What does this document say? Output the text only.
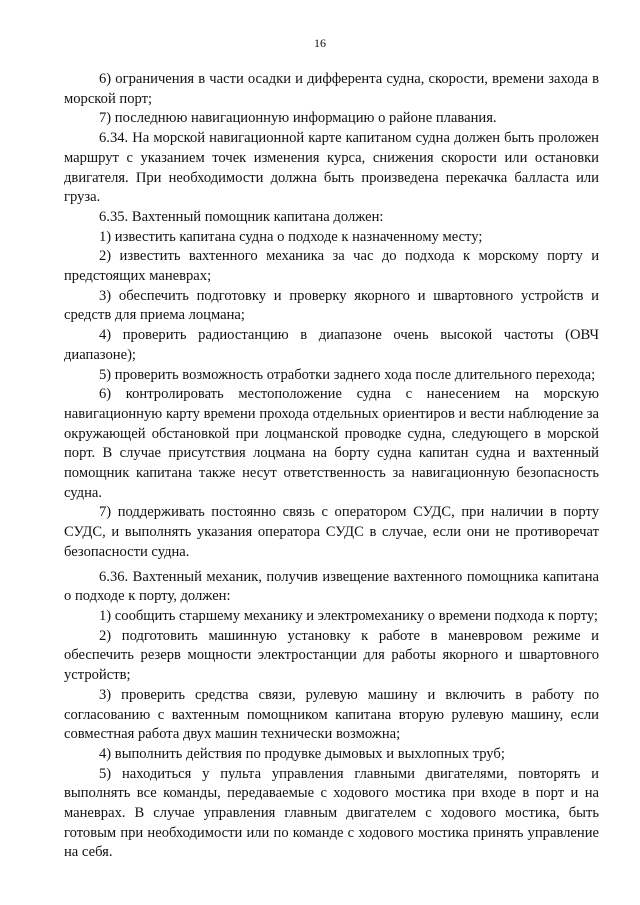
16

6) ограничения в части осадки и дифферента судна, скорости, времени захода в морской порт;

7) последнюю навигационную информацию о районе плавания.

6.34. На морской навигационной карте капитаном судна должен быть проложен маршрут с указанием точек изменения курса, снижения скорости или остановки двигателя. При необходимости должна быть произведена перекачка балласта или груза.

6.35. Вахтенный помощник капитана должен:

1) известить капитана судна о подходе к назначенному месту;

2) известить вахтенного механика за час до подхода к морскому порту и предстоящих маневрах;

3) обеспечить подготовку и проверку якорного и швартовного устройств и средств для приема лоцмана;

4) проверить радиостанцию в диапазоне очень высокой частоты (ОВЧ диапазоне);

5) проверить возможность отработки заднего хода после длительного перехода;

6) контролировать местоположение судна с нанесением на морскую навигационную карту времени прохода отдельных ориентиров и вести наблюдение за окружающей обстановкой при лоцманской проводке судна, следующего в морской порт. В случае присутствия лоцмана на борту судна капитан судна и вахтенный помощник капитана также несут ответственность за навигационную безопасность судна.

7) поддерживать постоянно связь с оператором СУДС, при наличии в порту СУДС, и выполнять указания оператора СУДС в случае, если они не противоречат безопасности судна.

6.36. Вахтенный механик, получив извещение вахтенного помощника капитана о подходе к порту, должен:

1) сообщить старшему механику и электромеханику о времени подхода к порту;

2) подготовить машинную установку к работе в маневровом режиме и обеспечить резерв мощности электростанции для работы якорного и швартовного устройств;

3) проверить средства связи, рулевую машину и включить в работу по согласованию с вахтенным помощником капитана вторую рулевую машину, если совместная работа двух машин технически возможна;

4) выполнить действия по продувке дымовых и выхлопных труб;

5) находиться у пульта управления главными двигателями, повторять и выполнять все команды, передаваемые с ходового мостика при входе в порт и на маневрах. В случае управления главным двигателем с ходового мостика, быть готовым при необходимости или по команде с ходового мостика принять управление на себя.
